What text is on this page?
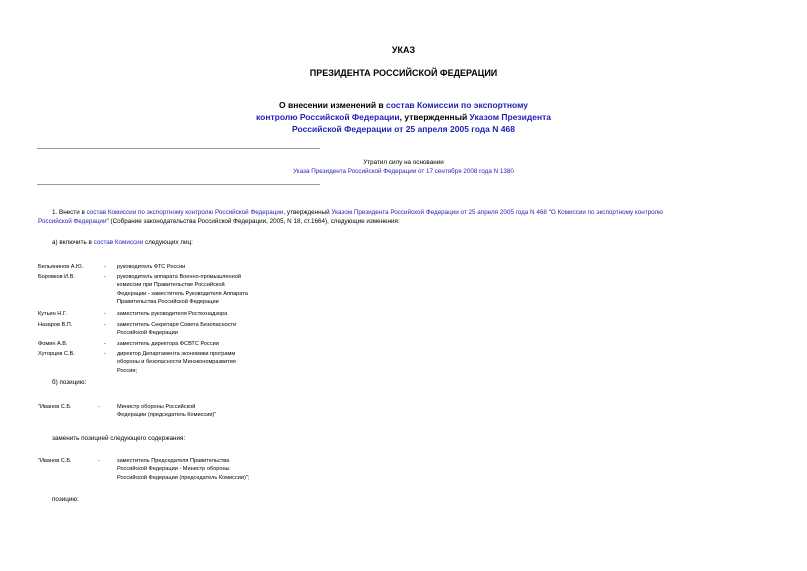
УКАЗ
ПРЕЗИДЕНТА РОССИЙСКОЙ ФЕДЕРАЦИИ
О внесении изменений в состав Комиссии по экспортному
контролю Российской Федерации, утвержденный Указом Президента
Российской Федерации от 25 апреля 2005 года N 468
Утратил силу на основании
Указа Президента Российской Федерации от 17 сентября 2008 года N 1380
1. Внести в состав Комиссии по экспортному контролю Российской Федерации, утвержденный Указом Президента Российской Федерации от 25 апреля 2005 года N 468 "О Комиссии по экспортному контролю
Российской Федерации" (Собрание законодательства Российской Федерации, 2005, N 18, ст.1664), следующие изменения:
а) включить в состав Комиссии следующих лиц:
Бельянинов А.Ю.	- руководитель ФТС России
Боровков И.В.	- руководитель аппарата Военно-промышленной
комиссии при Правительстве Российской
Федерации - заместитель Руководителя Аппарата
Правительства Российской Федерации
Кутьин Н.Г.	- заместитель руководителя Ростехнадзора
Назаров В.П.	- заместитель Секретаря Совета Безопасности
Российской Федерации
Фомин А.В.	- заместитель директора ФСВТС России
Хуторцев С.В.	- директор Департамента экономики программ
обороны и безопасности Минэкономразвития
России;
б) позицию:
"Иванов С.Б.	-	Министр обороны Российской
Федерации (председатель Комиссии)"
заменить позицией следующего содержания:
"Иванов С.Б.	-	заместитель Председателя Правительства
Российской Федерации - Министр обороны
Российской Федерации (председатель Комиссии)";
позицию:
